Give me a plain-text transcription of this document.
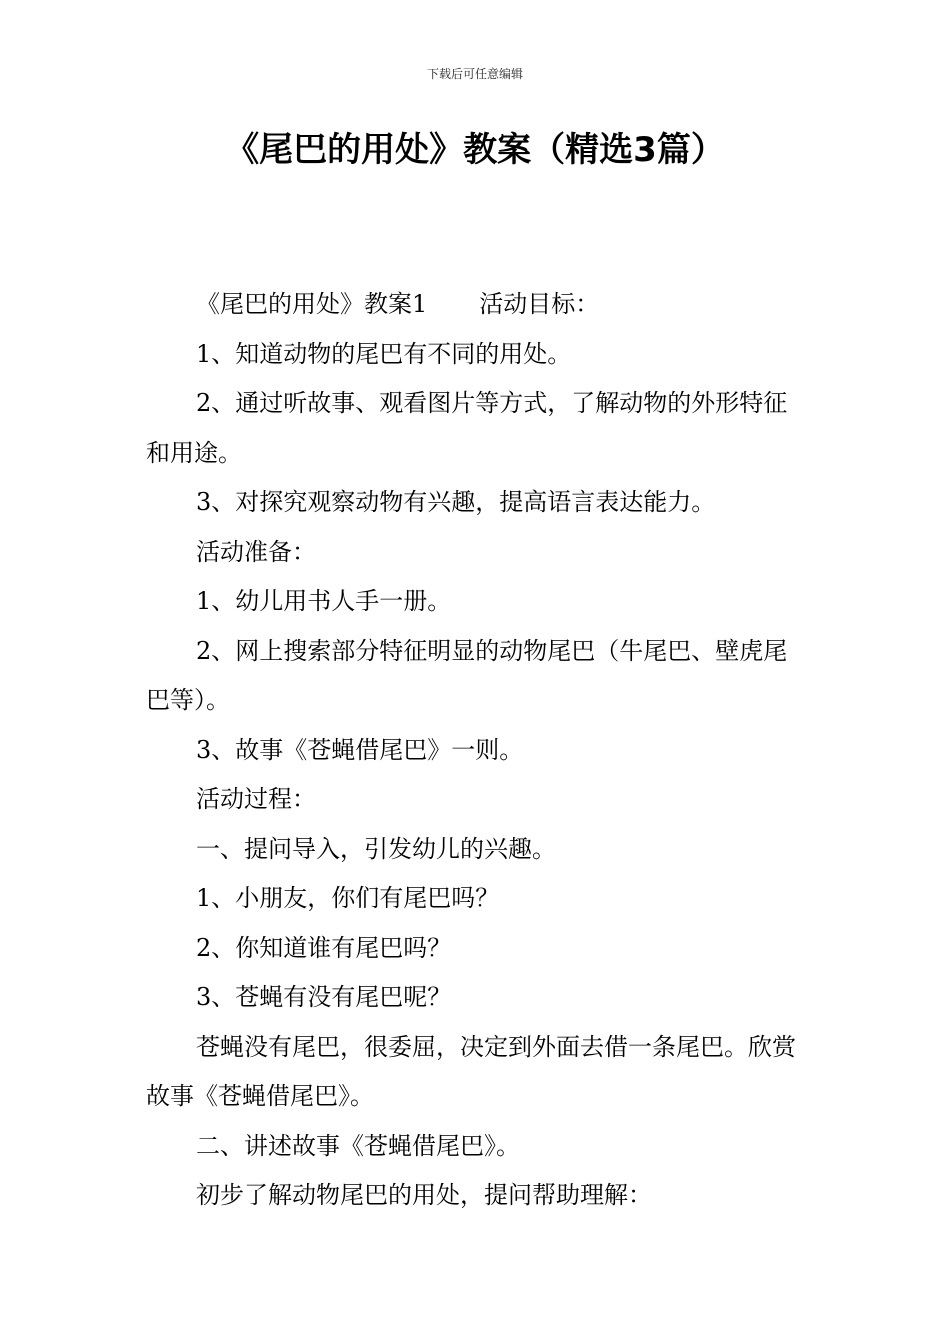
下载后可任意编辑
《尾巴的用处》教案（精选3篇）

《尾巴的用处》教案1 活动目标：

1、知道动物的尾巴有不同的用处。

2、通过听故事、观看图片等方式，了解动物的外形特征和用途。

3、对探究观察动物有兴趣，提高语言表达能力。

活动准备：

1、幼儿用书人手一册。

2、网上搜索部分特征明显的动物尾巴（牛尾巴、壁虎尾巴等）。

3、故事《苍蝇借尾巴》一则。

活动过程：

一、提问导入，引发幼儿的兴趣。

1、小朋友，你们有尾巴吗？

2、你知道谁有尾巴吗？

3、苍蝇有没有尾巴呢？

苍蝇没有尾巴，很委屈，决定到外面去借一条尾巴。欣赏故事《苍蝇借尾巴》。

二、讲述故事《苍蝇借尾巴》。

初步了解动物尾巴的用处，提问帮助理解：
